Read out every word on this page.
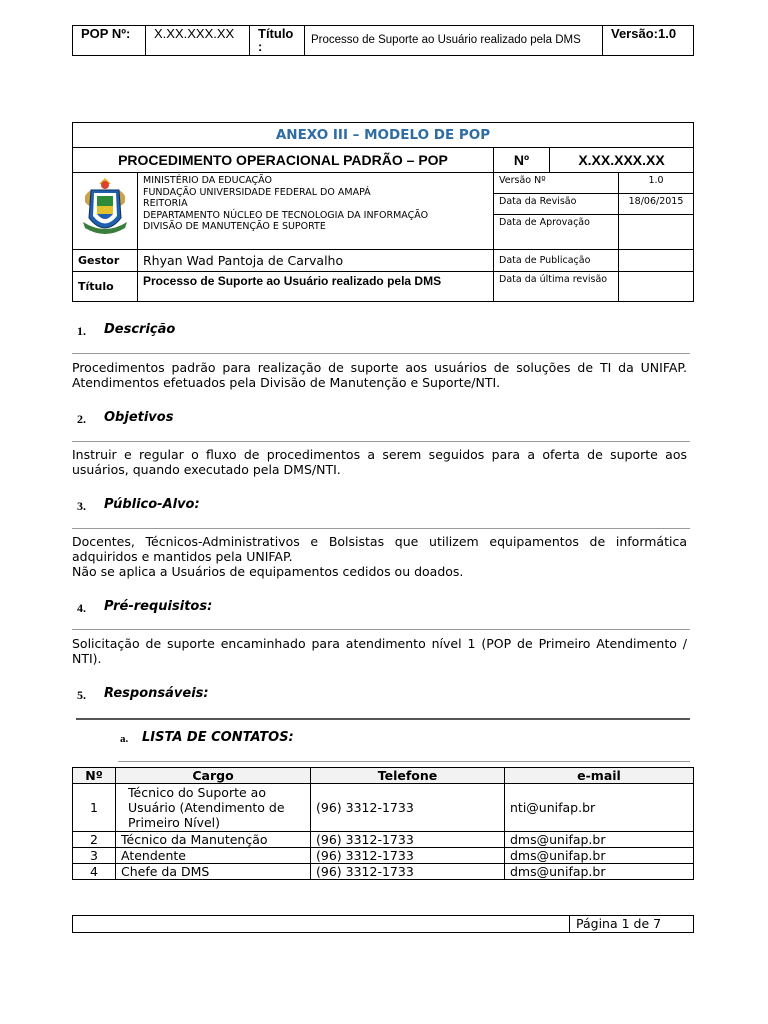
POP Nº:	X.XX.XXX.XX	Título :	Processo de Suporte ao Usuário realizado pela DMS	Versão:1.0
ANEXO III – MODELO DE POP				
PROCEDIMENTO OPERACIONAL PADRÃO – POP		Nº	X.XX.XXX.XX	

MINISTÉRIO DA EDUCAÇÃO
FUNDAÇÃO UNIVERSIDADE FEDERAL DO AMAPÁ
REITORIA
DEPARTAMENTO NÚCLEO DE TECNOLOGIA DA INFORMAÇÃO
DIVISÃO DE MANUTENÇÃO E SUPORTE	Versão Nº		1.0
		Data da Revisão		18/06/2015
		Data de Aprovação		
Gestor	Rhyan Wad Pantoja de Carvalho	Data de Publicação		
Título	Processo de Suporte ao Usuário realizado pela DMS	Data da última revisão		
1. Descrição
Procedimentos padrão para realização de suporte aos usuários de soluções de TI da UNIFAP. Atendimentos efetuados pela Divisão de Manutenção e Suporte/NTI.
2. Objetivos
Instruir e regular o fluxo de procedimentos a serem seguidos para a oferta de suporte aos usuários, quando executado pela DMS/NTI.
3. Público-Alvo:
Docentes, Técnicos-Administrativos e Bolsistas que utilizem equipamentos de informática adquiridos e mantidos pela UNIFAP.
Não se aplica a Usuários de equipamentos cedidos ou doados.
4. Pré-requisitos:
Solicitação de suporte encaminhado para atendimento nível 1 (POP de Primeiro Atendimento / NTI).
5. Responsáveis:
a. LISTA DE CONTATOS:
Nº	Cargo	Telefone	e-mail
1	Técnico do Suporte ao Usuário (Atendimento de Primeiro Nível)	(96) 3312-1733	nti@unifap.br
2	Técnico da Manutenção	(96) 3312-1733	dms@unifap.br
3	Atendente	(96) 3312-1733	dms@unifap.br
4	Chefe da DMS	(96) 3312-1733	dms@unifap.br
	Página 1 de 7
